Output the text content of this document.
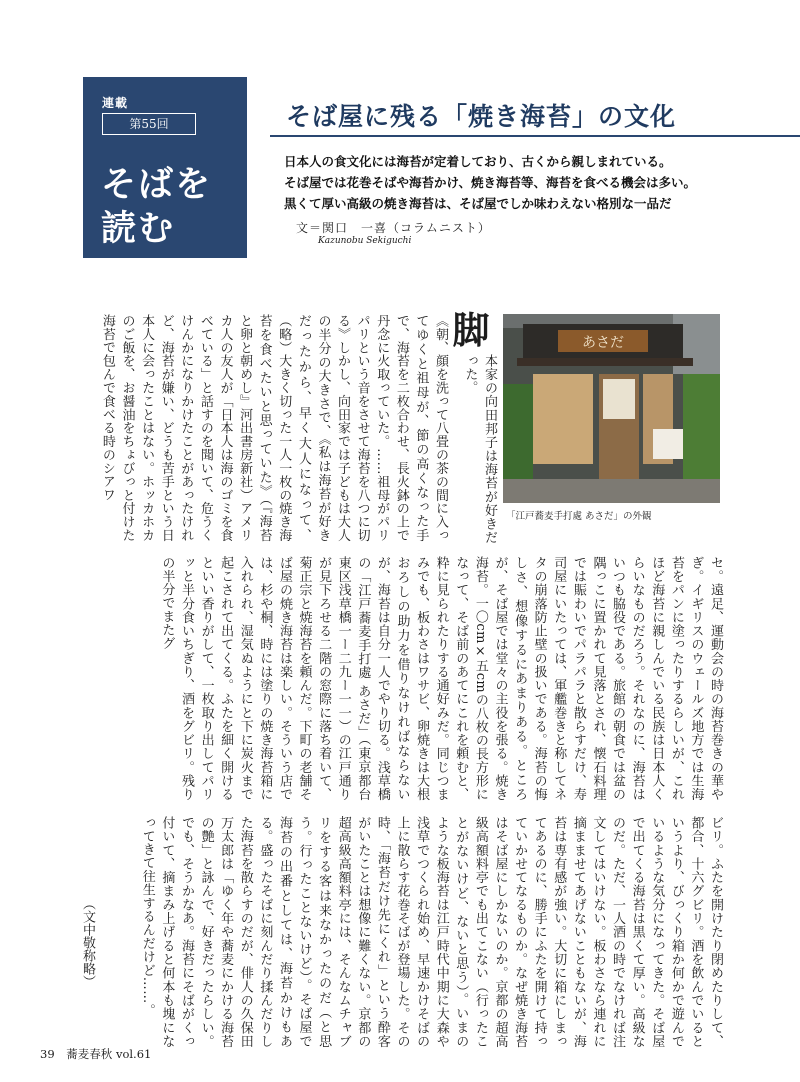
連載
第55回
そばを
読む
そば屋に残る「焼き海苔」の文化
日本人の食文化には海苔が定着しており、古くから親しまれている。
そば屋では花巻そばや海苔かけ、焼き海苔等、海苔を食べる機会は多い。
黒くて厚い高級の焼き海苔は、そば屋でしか味わえない格別な一品だ
文＝関口　一喜（コラムニスト）
Kazunobu Sekiguchi
あさだ
「江戸蕎麦手打處 あさだ」の外観
脚
本家の向田邦子は海苔が好きだった。
《朝、顔を洗って八畳の茶の間に入ってゆくと祖母が、節の高くなった手で、海苔を二枚合わせ、長火鉢の上で丹念に火取っていた。……祖母がパリパリという音をさせて海苔を八つに切る》しかし、向田家では子どもは大人の半分の大きさで、《私は海苔が好きだったから、早く大人になって、（略）大きく切った一人一枚の焼き海苔を食べたいと思っていた》（『海苔と卵と朝めし』河出書房新社）アメリカ人の友人が「日本人は海のゴミを食べている」と話すのを聞いて、危うくけんかになりかけたことがあったけれど、海苔が嫌い、どうも苦手という日本人に会ったことはない。ホッカホカのご飯を、お醤油をちょびっと付けた海苔で包んで食べる時のシアワ
セ。遠足、運動会の時の海苔巻きの華やぎ。イギリスのウェールズ地方では生海苔をパンに塗ったりするらしいが、これほど海苔に親しんでいる民族は日本人くらいなものだろう。それなのに、海苔はいつも脇役である。旅館の朝食では盆の隅っこに置かれて見落とされ、懐石料理では賑わいでパラパラと散らすだけ、寿司屋にいたっては、軍艦巻きと称してネタの崩落防止壁の扱いである。海苔の悔しさ、想像するにあまりある。ところが、そば屋では堂々の主役を張る。焼き海苔。一〇cm×五cmの八枚の長方形になって、そば前のあてにこれを頼むと、粋に見られたりする通好みだ。同じつまみでも、板わさはワサビ、卵焼きは大根おろしの助力を借りなければならないが、海苔は自分一人でやり切る。浅草橋の「江戸蕎麦手打處 あさだ」（東京都台東区浅草橋一ー二九ー一一）の江戸通りが見下ろせる二階の窓際に落ち着いて、菊正宗と焼海苔を頼んだ。下町の老舗そば屋の焼き海苔は楽しい。そういう店では、杉や桐、時には塗りの焼き海苔箱に入れられ、湿気ぬようにと下に炭火まで起こされて出てくる。ふたを細く開けるといい香りがして、一枚取り出してパリッと半分食いちぎり、酒をグビリ。残りの半分でまたグ
ビリ。ふたを開けたり閉めたりして、都合、十六グビリ。酒を飲んでいるというより、びっくり箱か何かで遊んでいるような気分になってきた。そば屋で出てくる海苔は黒くて厚い。高級なのだ。ただ、一人酒の時でなければ注文してはいけない。板わさなら連れに摘まませてあげないこともないが、海苔は専有感が強い。大切に箱にしまってあるのに、勝手にふたを開けて持っていかせてなるものか。なぜ焼き海苔はそば屋にしかないのか。京都の超高級高額料亭でも出てこない（行ったことがないけど、ないと思う）。いまのような板海苔は江戸時代中期に大森や浅草でつくられ始め、早速かけそばの上に散らす花巻そばが登場した。その時、「海苔だけ先にくれ」という酔客がいたことは想像に難くない。京都の超高級高額料亭には、そんなムチャブリをする客は来なかったのだ（と思う。行ったことないけど）。そば屋で海苔の出番としては、海苔かけもある。盛ったそばに刻んだり揉んだりした海苔を散らすのだが、俳人の久保田万太郎は「ゆく年や蕎麦にかける海苔の艶」と詠んで、好きだったらしい。でも、そうかなあ。海苔にそばがくっ付いて、摘まみ上げると何本も塊になってきて往生するんだけど……。
（文中敬称略）
39 蕎麦春秋 vol.61
